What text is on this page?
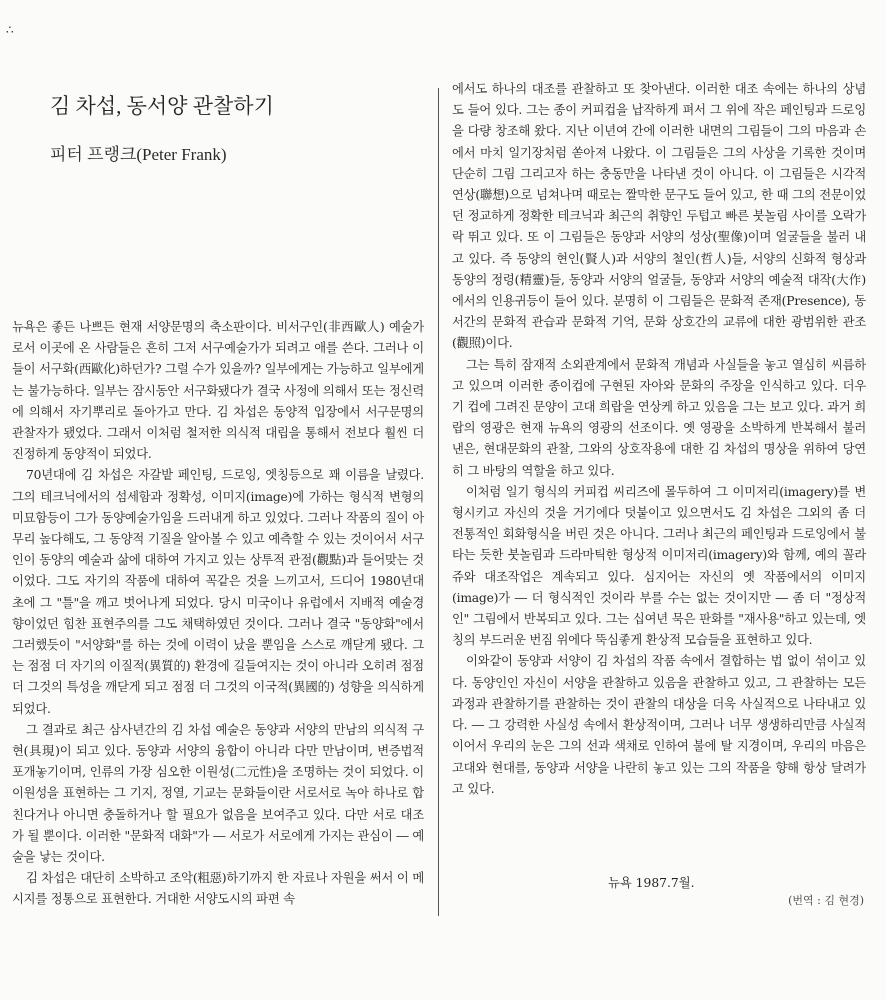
∴
김 차섭, 동서양 관찰하기
피터 프랭크(Peter Frank)

뉴욕은 좋든 나쁘든 현재 서양문명의 축소판이다. 비서구인(非西歐人) 예술가로서 이곳에 온 사람들은 흔히 그저 서구예술가가 되려고 애를 쓴다. 그러나 이들이 서구화(西歐化)하던가? 그럴 수가 있을까? 일부에게는 가능하고 일부에게는 불가능하다. 일부는 잠시동안 서구화됐다가 결국 사정에 의해서 또는 정신력에 의해서 자기뿌리로 돌아가고 만다. 김 차섭은 동양적 입장에서 서구문명의 관찰자가 됐었다. 그래서 이처럼 철저한 의식적 대립을 통해서 전보다 훨씬 더 진정하게 동양적이 되었다.

70년대에 김 차섭은 자갈밭 페인팅, 드로잉, 엣칭등으로 꽤 이름을 날렸다. 그의 테크닉에서의 섬세함과 정확성, 이미지(image)에 가하는 형식적 변형의 미묘함등이 그가 동양예술가임을 드러내게 하고 있었다. 그러나 작품의 질이 아무리 높다해도, 그 동양적 기질을 알아볼 수 있고 예측할 수 있는 것이어서 서구인이 동양의 예술과 삶에 대하여 가지고 있는 상투적 관점(觀點)과 들어맞는 것이었다. 그도 자기의 작품에 대하여 꼭같은 것을 느끼고서, 드디어 1980년대 초에 그 "틀"을 깨고 벗어나게 되었다. 당시 미국이나 유럽에서 지배적 예술경향이었던 힘찬 표현주의를 그도 채택하였던 것이다. 그러나 결국 "동양화"에서 그러했듯이 "서양화"를 하는 것에 이력이 났을 뿐임을 스스로 깨닫게 됐다. 그는 점점 더 자기의 이질적(異質的) 환경에 길들여지는 것이 아니라 오히려 점점 더 그것의 특성을 깨닫게 되고 점점 더 그것의 이국적(異國的) 성향을 의식하게 되었다.

그 결과로 최근 삼사년간의 김 차섭 예술은 동양과 서양의 만남의 의식적 구현(具現)이 되고 있다. 동양과 서양의 융합이 아니라 다만 만남이며, 변증법적 포개놓기이며, 인류의 가장 심오한 이원성(二元性)을 조명하는 것이 되었다. 이 이원성을 표현하는 그 기지, 정열, 기교는 문화들이란 서로서로 녹아 하나로 합친다거나 아니면 충돌하거나 할 필요가 없음을 보여주고 있다. 다만 서로 대조가 될 뿐이다. 이러한 "문화적 대화"가 ― 서로가 서로에게 가지는 관심이 ― 예술을 낳는 것이다.

김 차섭은 대단히 소박하고 조악(粗惡)하기까지 한 자료나 자원을 써서 이 메시지를 정통으로 표현한다. 거대한 서양도시의 파편 속

에서도 하나의 대조를 관찰하고 또 찾아낸다. 이러한 대조 속에는 하나의 상념도 들어 있다. 그는 종이 커피컵을 납작하게 펴서 그 위에 작은 페인팅과 드로잉을 다량 창조해 왔다. 지난 이년여 간에 이러한 내면의 그림들이 그의 마음과 손에서 마치 일기장처럼 쏟아져 나왔다. 이 그림들은 그의 사상을 기록한 것이며 단순히 그림 그리고자 하는 충동만을 나타낸 것이 아니다. 이 그림들은 시각적 연상(聯想)으로 넘쳐나며 때로는 짤막한 문구도 들어 있고, 한 때 그의 전문이었던 정교하게 정확한 테크닉과 최근의 취향인 두텁고 빠른 붓놀림 사이를 오락가락 뛰고 있다. 또 이 그림들은 동양과 서양의 성상(聖像)이며 얼굴들을 불러 내고 있다. 즉 동양의 현인(賢人)과 서양의 철인(哲人)들, 서양의 신화적 형상과 동양의 정령(精靈)들, 동양과 서양의 얼굴들, 동양과 서양의 예술적 대작(大作)에서의 인용귀등이 들어 있다. 분명히 이 그림들은 문화적 존재(Presence), 동서간의 문화적 관습과 문화적 기억, 문화 상호간의 교류에 대한 광범위한 관조(觀照)이다.

그는 특히 잠재적 소외관계에서 문화적 개념과 사실들을 놓고 열심히 씨름하고 있으며 이러한 종이컵에 구현된 자아와 문화의 주장을 인식하고 있다. 더우기 컵에 그려진 문양이 고대 희랍을 연상케 하고 있음을 그는 보고 있다. 과거 희랍의 영광은 현재 뉴욕의 영광의 선조이다. 옛 영광을 소박하게 반복해서 불러 낸은, 현대문화의 관찰, 그와의 상호작용에 대한 김 차섭의 명상을 위하여 당연히 그 바탕의 역할을 하고 있다.

이처럼 일기 형식의 커피컵 씨리즈에 몰두하여 그 이미저리(imagery)를 변형시키고 자신의 것을 거기에다 덧붙이고 있으면서도 김 차섭은 그외의 좀 더 전통적인 회화형식을 버린 것은 아니다. 그러나 최근의 페인팅과 드로잉에서 불타는 듯한 붓놀림과 드라마틱한 형상적 이미저리(imagery)와 함께, 예의 꼴라쥬와 대조작업은 계속되고 있다. 심지어는 자신의 옛 작품에서의 이미지(image)가 ― 더 형식적인 것이라 부를 수는 없는 것이지만 ― 좀 더 "정상적인" 그림에서 반복되고 있다. 그는 십여년 묵은 판화를 "재사용"하고 있는데, 엣칭의 부드러운 번짐 위에다 뚝심좋게 환상적 모습들을 표현하고 있다.

이와같이 동양과 서양이 김 차섭의 작품 속에서 결합하는 법 없이 섞이고 있다. 동양인인 자신이 서양을 관찰하고 있음을 관찰하고 있고, 그 관찰하는 모든 과정과 관찰하기를 관찰하는 것이 관찰의 대상을 더욱 사실적으로 나타내고 있다. ― 그 강력한 사실성 속에서 환상적이며, 그러나 너무 생생하리만큼 사실적이어서 우리의 눈은 그의 선과 색채로 인하여 불에 탈 지경이며, 우리의 마음은 고대와 현대를, 동양과 서양을 나란히 놓고 있는 그의 작품을 향해 항상 달려가고 있다.

뉴욕 1987.7월.
(번역 : 김 현경)
